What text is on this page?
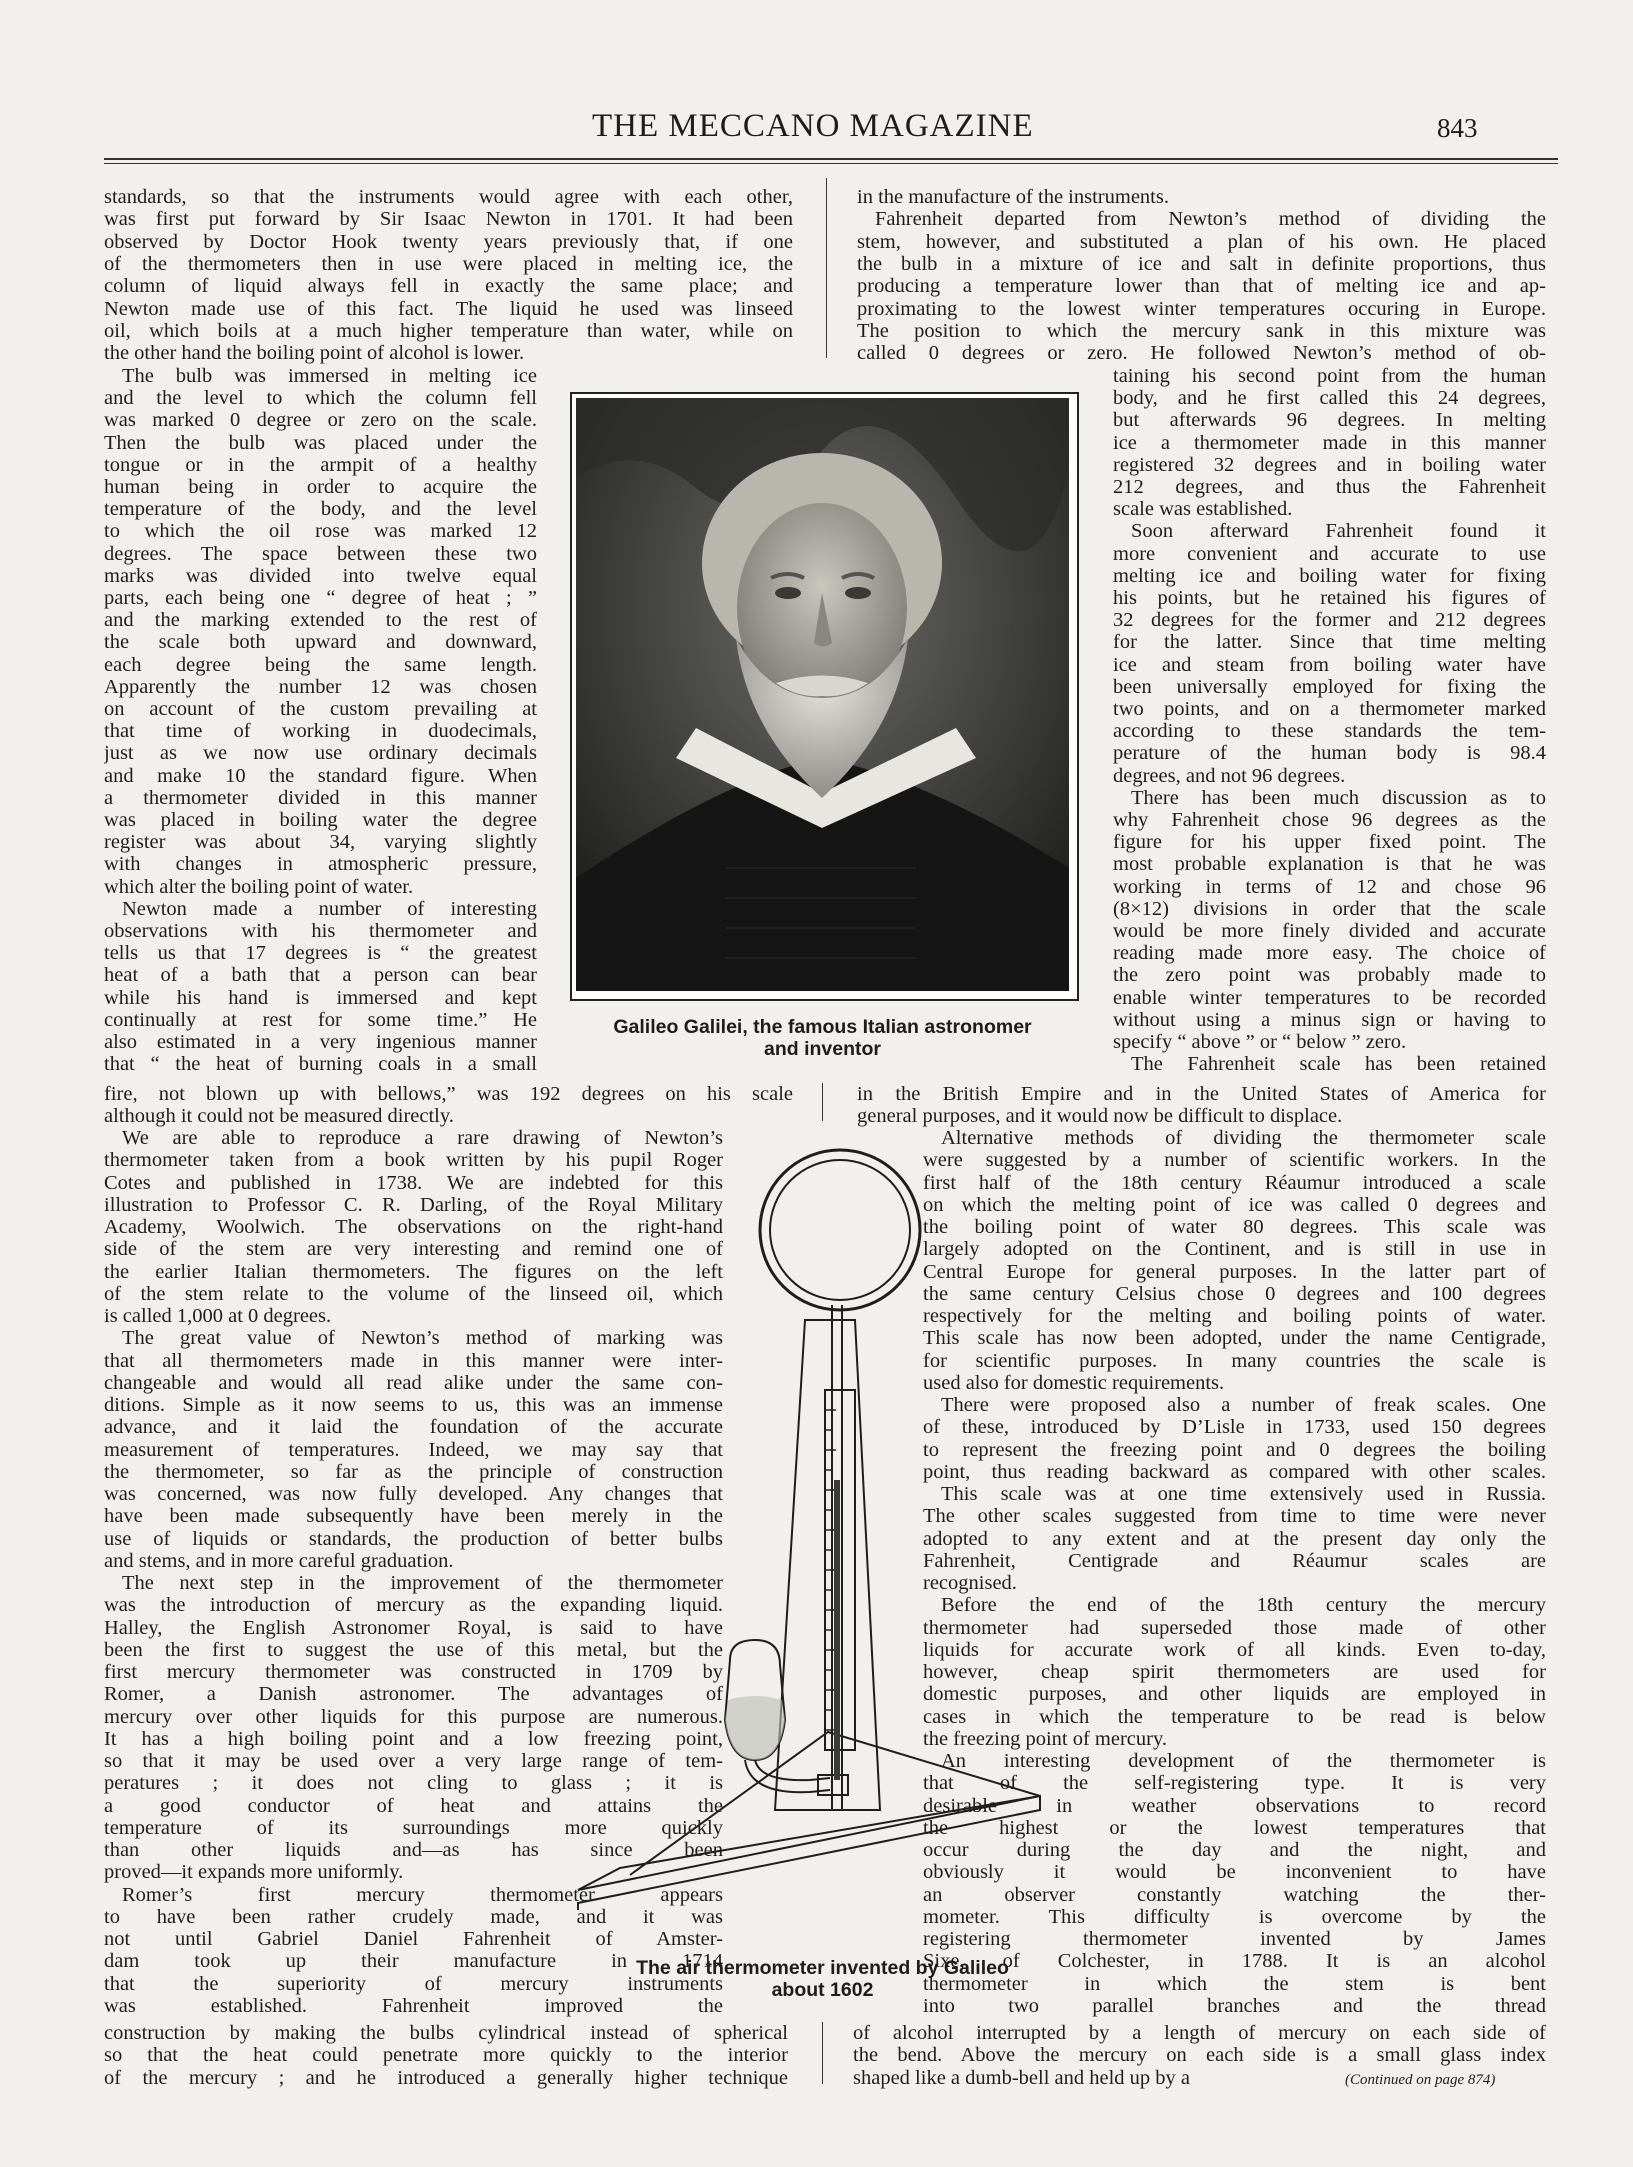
THE MECCANO MAGAZINE	843
standards, so that the instruments would agree with each other,
was first put forward by Sir Isaac Newton in 1701. It had been
observed by Doctor Hook twenty years previously that, if one
of the thermometers then in use were placed in melting ice, the
column of liquid always fell in exactly the same place; and
Newton made use of this fact. The liquid he used was linseed
oil, which boils at a much higher temperature than water, while on
the other hand the boiling point of alcohol is lower.
The bulb was immersed in melting ice
and the level to which the column fell
was marked 0 degree or zero on the scale.
Then the bulb was placed under the
tongue or in the armpit of a healthy
human being in order to acquire the
temperature of the body, and the level
to which the oil rose was marked 12
degrees. The space between these two
marks was divided into twelve equal
parts, each being one “ degree of heat ; ”
and the marking extended to the rest of
the scale both upward and downward,
each degree being the same length.
Apparently the number 12 was chosen
on account of the custom prevailing at
that time of working in duodecimals,
just as we now use ordinary decimals
and make 10 the standard figure. When
a thermometer divided in this manner
was placed in boiling water the degree
register was about 34, varying slightly
with changes in atmospheric pressure,
which alter the boiling point of water.
Newton made a number of interesting
observations with his thermometer and
tells us that 17 degrees is “ the greatest
heat of a bath that a person can bear
while his hand is immersed and kept
continually at rest for some time.” He
also estimated in a very ingenious manner
that “ the heat of burning coals in a small
fire, not blown up with bellows,” was 192 degrees on his scale
although it could not be measured directly.
We are able to reproduce a rare drawing of Newton’s
thermometer taken from a book written by his pupil Roger
Cotes and published in 1738. We are indebted for this
illustration to Professor C. R. Darling, of the Royal Military
Academy, Woolwich. The observations on the right-hand
side of the stem are very interesting and remind one of
the earlier Italian thermometers. The figures on the left
of the stem relate to the volume of the linseed oil, which
is called 1,000 at 0 degrees.
The great value of Newton’s method of marking was
that all thermometers made in this manner were inter-
changeable and would all read alike under the same con-
ditions. Simple as it now seems to us, this was an immense
advance, and it laid the foundation of the accurate
measurement of temperatures. Indeed, we may say that
the thermometer, so far as the principle of construction
was concerned, was now fully developed. Any changes that
have been made subsequently have been merely in the
use of liquids or standards, the production of better bulbs
and stems, and in more careful graduation.
The next step in the improvement of the thermometer
was the introduction of mercury as the expanding liquid.
Halley, the English Astronomer Royal, is said to have
been the first to suggest the use of this metal, but the
first mercury thermometer was constructed in 1709 by
Romer, a Danish astronomer. The advantages of
mercury over other liquids for this purpose are numerous.
It has a high boiling point and a low freezing point,
so that it may be used over a very large range of tem-
peratures ; it does not cling to glass ; it is
a good conductor of heat and attains the
temperature of its surroundings more quickly
than other liquids and—as has since been
proved—it expands more uniformly.
Romer’s first mercury thermometer appears
to have been rather crudely made, and it was
not until Gabriel Daniel Fahrenheit of Amster-
dam took up their manufacture in 1714
that the superiority of mercury instruments
was established. Fahrenheit improved the
construction by making the bulbs cylindrical instead of spherical
so that the heat could penetrate more quickly to the interior
of the mercury ; and he introduced a generally higher technique
in the manufacture of the instruments.
Fahrenheit departed from Newton’s method of dividing the
stem, however, and substituted a plan of his own. He placed
the bulb in a mixture of ice and salt in definite proportions, thus
producing a temperature lower than that of melting ice and ap-
proximating to the lowest winter temperatures occuring in Europe.
The position to which the mercury sank in this mixture was
called 0 degrees or zero. He followed Newton’s method of ob-
taining his second point from the human
body, and he first called this 24 degrees,
but afterwards 96 degrees. In melting
ice a thermometer made in this manner
registered 32 degrees and in boiling water
212 degrees, and thus the Fahrenheit
scale was established.
Soon afterward Fahrenheit found it
more convenient and accurate to use
melting ice and boiling water for fixing
his points, but he retained his figures of
32 degrees for the former and 212 degrees
for the latter. Since that time melting
ice and steam from boiling water have
been universally employed for fixing the
two points, and on a thermometer marked
according to these standards the tem-
perature of the human body is 98.4
degrees, and not 96 degrees.
There has been much discussion as to
why Fahrenheit chose 96 degrees as the
figure for his upper fixed point. The
most probable explanation is that he was
working in terms of 12 and chose 96
(8×12) divisions in order that the scale
would be more finely divided and accurate
reading made more easy. The choice of
the zero point was probably made to
enable winter temperatures to be recorded
without using a minus sign or having to
specify “ above ” or “ below ” zero.
The Fahrenheit scale has been retained
in the British Empire and in the United States of America for
general purposes, and it would now be difficult to displace.
Alternative methods of dividing the thermometer scale
were suggested by a number of scientific workers. In the
first half of the 18th century Réaumur introduced a scale
on which the melting point of ice was called 0 degrees and
the boiling point of water 80 degrees. This scale was
largely adopted on the Continent, and is still in use in
Central Europe for general purposes. In the latter part of
the same century Celsius chose 0 degrees and 100 degrees
respectively for the melting and boiling points of water.
This scale has now been adopted, under the name Centigrade,
for scientific purposes. In many countries the scale is
used also for domestic requirements.
There were proposed also a number of freak scales. One
of these, introduced by D’Lisle in 1733, used 150 degrees
to represent the freezing point and 0 degrees the boiling
point, thus reading backward as compared with other scales.
This scale was at one time extensively used in Russia.
The other scales suggested from time to time were never
adopted to any extent and at the present day only the
Fahrenheit, Centigrade and Réaumur scales are
recognised.
Before the end of the 18th century the mercury
thermometer had superseded those made of other
liquids for accurate work of all kinds. Even to-day,
however, cheap spirit thermometers are used for
domestic purposes, and other liquids are employed in
cases in which the temperature to be read is below
the freezing point of mercury.
An interesting development of the thermometer is
that of the self-registering type. It is very
desirable in weather observations to record
the highest or the lowest temperatures that
occur during the day and the night, and
obviously it would be inconvenient to have
an observer constantly watching the ther-
mometer. This difficulty is overcome by the
registering thermometer invented by James
Sixe, of Colchester, in 1788. It is an alcohol
thermometer in which the stem is bent
into two parallel branches and the thread
of alcohol interrupted by a length of mercury on each side of
the bend. Above the mercury on each side is a small glass index
shaped like a dumb-bell and held up by a	(Continued on page 874)
Galileo Galilei, the famous Italian astronomer
and inventor
The air thermometer invented by Galileo
about 1602
